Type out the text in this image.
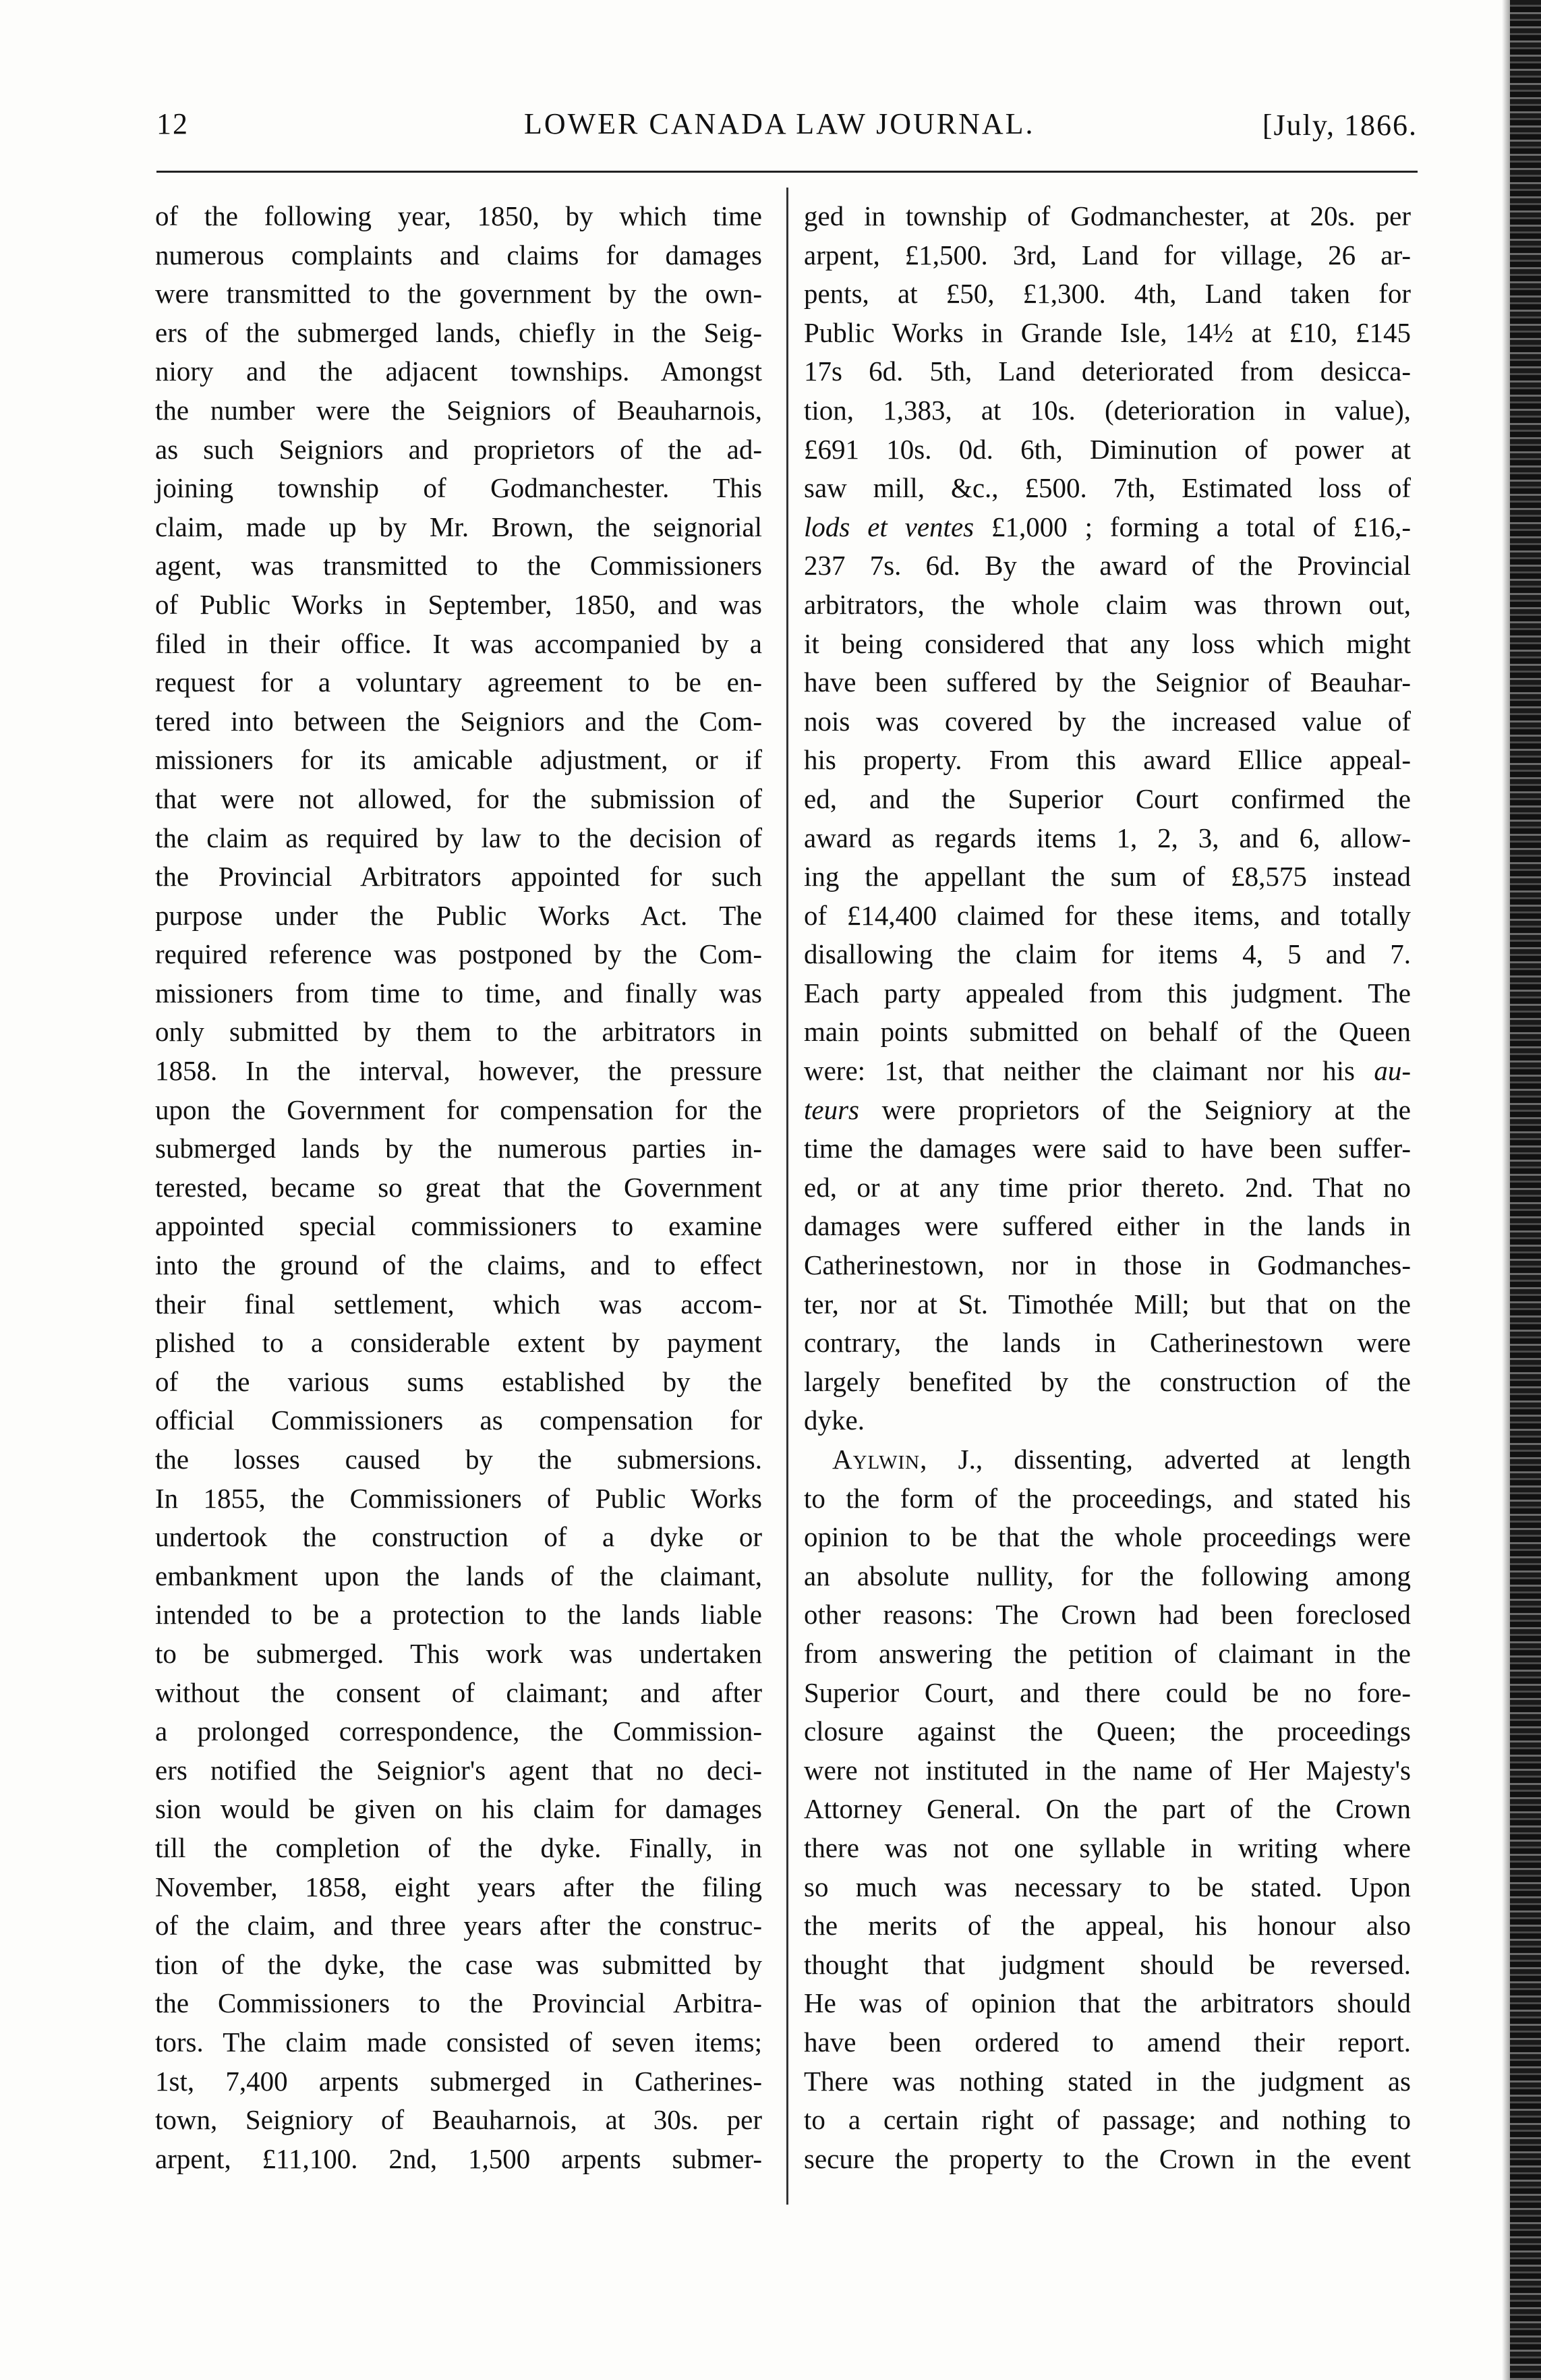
12	LOWER CANADA LAW JOURNAL.	[July, 1866.
of the following year, 1850, by which time
numerous complaints and claims for damages
were transmitted to the government by the own-
ers of the submerged lands, chiefly in the Seig-
niory and the adjacent townships. Amongst
the number were the Seigniors of Beauharnois,
as such Seigniors and proprietors of the ad-
joining township of Godmanchester. This
claim, made up by Mr. Brown, the seignorial
agent, was transmitted to the Commissioners
of Public Works in September, 1850, and was
filed in their office. It was accompanied by a
request for a voluntary agreement to be en-
tered into between the Seigniors and the Com-
missioners for its amicable adjustment, or if
that were not allowed, for the submission of
the claim as required by law to the decision of
the Provincial Arbitrators appointed for such
purpose under the Public Works Act. The
required reference was postponed by the Com-
missioners from time to time, and finally was
only submitted by them to the arbitrators in
1858. In the interval, however, the pressure
upon the Government for compensation for the
submerged lands by the numerous parties in-
terested, became so great that the Government
appointed special commissioners to examine
into the ground of the claims, and to effect
their final settlement, which was accom-
plished to a considerable extent by payment
of the various sums established by the
official Commissioners as compensation for
the losses caused by the submersions.
In 1855, the Commissioners of Public Works
undertook the construction of a dyke or
embankment upon the lands of the claimant,
intended to be a protection to the lands liable
to be submerged. This work was undertaken
without the consent of claimant; and after
a prolonged correspondence, the Commission-
ers notified the Seignior's agent that no deci-
sion would be given on his claim for damages
till the completion of the dyke. Finally, in
November, 1858, eight years after the filing
of the claim, and three years after the construc-
tion of the dyke, the case was submitted by
the Commissioners to the Provincial Arbitra-
tors. The claim made consisted of seven items;
1st, 7,400 arpents submerged in Catherines-
town, Seigniory of Beauharnois, at 30s. per
arpent, £11,100. 2nd, 1,500 arpents submer-
ged in township of Godmanchester, at 20s. per
arpent, £1,500. 3rd, Land for village, 26 ar-
pents, at £50, £1,300. 4th, Land taken for
Public Works in Grande Isle, 14½ at £10, £145
17s 6d. 5th, Land deteriorated from desicca-
tion, 1,383, at 10s. (deterioration in value),
£691 10s. 0d. 6th, Diminution of power at
saw mill, &c., £500. 7th, Estimated loss of
lods et ventes £1,000 ; forming a total of £16,-
237 7s. 6d. By the award of the Provincial
arbitrators, the whole claim was thrown out,
it being considered that any loss which might
have been suffered by the Seignior of Beauhar-
nois was covered by the increased value of
his property. From this award Ellice appeal-
ed, and the Superior Court confirmed the
award as regards items 1, 2, 3, and 6, allow-
ing the appellant the sum of £8,575 instead
of £14,400 claimed for these items, and totally
disallowing the claim for items 4, 5 and 7.
Each party appealed from this judgment. The
main points submitted on behalf of the Queen
were: 1st, that neither the claimant nor his au-
teurs were proprietors of the Seigniory at the
time the damages were said to have been suffer-
ed, or at any time prior thereto. 2nd. That no
damages were suffered either in the lands in
Catherinestown, nor in those in Godmanches-
ter, nor at St. Timothée Mill; but that on the
contrary, the lands in Catherinestown were
largely benefited by the construction of the
dyke.
Aylwin, J., dissenting, adverted at length
to the form of the proceedings, and stated his
opinion to be that the whole proceedings were
an absolute nullity, for the following among
other reasons: The Crown had been foreclosed
from answering the petition of claimant in the
Superior Court, and there could be no fore-
closure against the Queen; the proceedings
were not instituted in the name of Her Majesty's
Attorney General. On the part of the Crown
there was not one syllable in writing where
so much was necessary to be stated. Upon
the merits of the appeal, his honour also
thought that judgment should be reversed.
He was of opinion that the arbitrators should
have been ordered to amend their report.
There was nothing stated in the judgment as
to a certain right of passage; and nothing to
secure the property to the Crown in the event
